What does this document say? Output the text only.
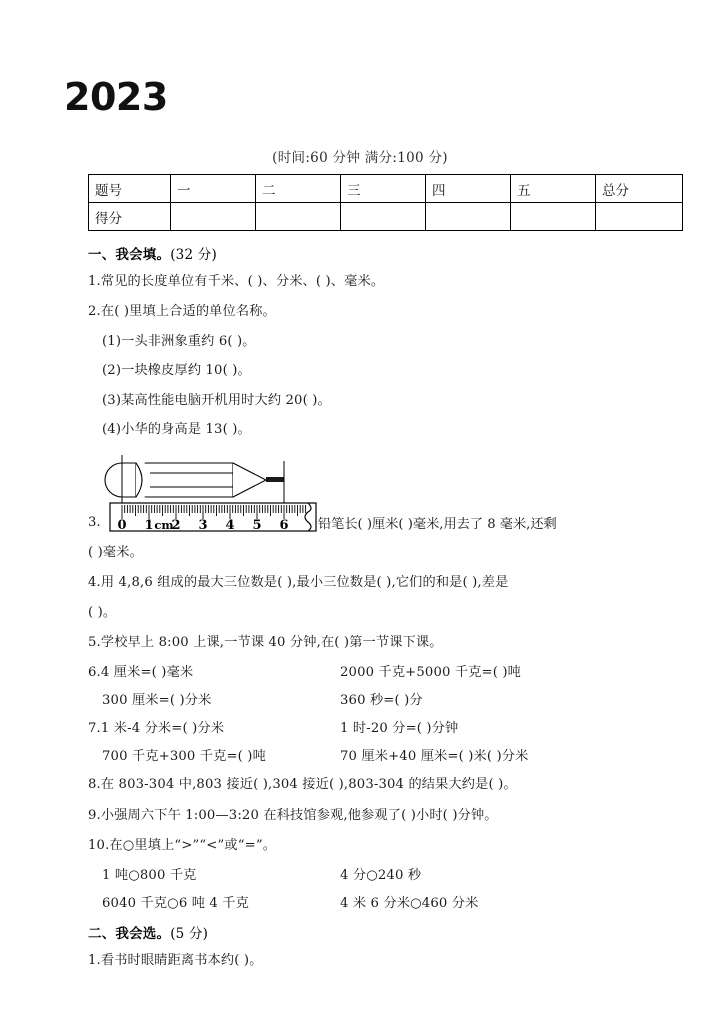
2023
(时间:60 分钟 满分:100 分)
题号	一	二	三	四	五	总分
得分						

一、我会填。(32 分)

1.常见的长度单位有千米、( )、分米、( )、毫米。

2.在( )里填上合适的单位名称。

(1)一头非洲象重约 6( )。

(2)一块橡皮厚约 10( )。

(3)某高性能电脑开机用时大约 20( )。

(4)小华的身高是 13( )。

3. 0 1 2 3 4 5 6
cm	铅笔长( )厘米( )毫米,用去了 8 毫米,还剩

( )毫米。

4.用 4,8,6 组成的最大三位数是( ),最小三位数是( ),它们的和是( ),差是

( )。

5.学校早上 8:00 上课,一节课 40 分钟,在( )第一节课下课。

6.4 厘米=( )毫米	2000 千克+5000 千克=( )吨
300 厘米=( )分米	360 秒=( )分
7.1 米-4 分米=( )分米	1 时-20 分=( )分钟
700 千克+300 千克=( )吨	70 厘米+40 厘米=( )米( )分米

8.在 803-304 中,803 接近( ),304 接近( ),803-304 的结果大约是( )。

9.小强周六下午 1:00—3:20 在科技馆参观,他参观了( )小时( )分钟。

10.在○里填上“>”“<”或“=”。

1 吨○800 千克	4 分○240 秒
6040 千克○6 吨 4 千克	4 米 6 分米○460 分米

二、我会选。(5 分)

1.看书时眼睛距离书本约( )。
